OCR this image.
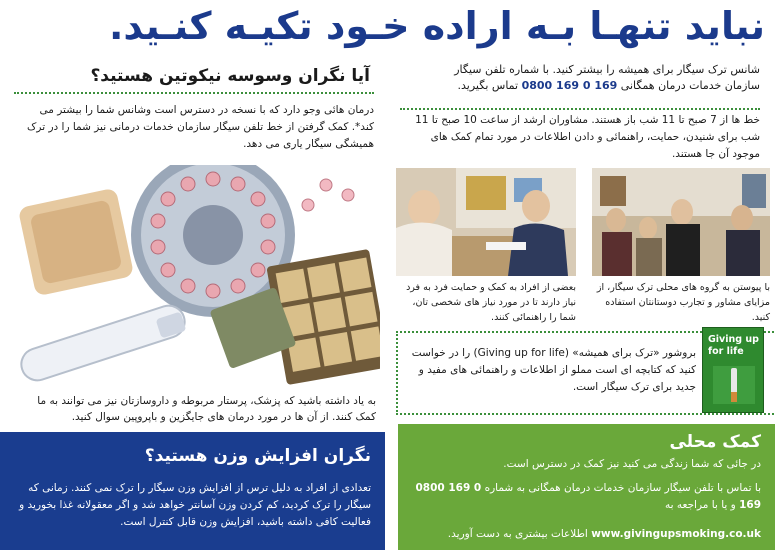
نبايد تنهـا بـه اراده خـود تکيـه کنـيد.
آيا نگران وسوسه نيکوتين هستيد؟
درمان هائی وجو دارد که با نسخه در دسترس است وشانس شما را بيشتر می کند*. کمک گرفتن از خط تلفن سيگار سازمان خدمات درمانی نيز شما را در ترک هميشگی سيگار ياری می دهد.
به ياد داشته باشيد که پزشک، پرستار مربوطه و داروسازتان نيز می توانند به ما کمک کنند. از آن ها در مورد درمان های جايگزين و باپروپين سوال کنيد.
نگران افزايش وزن هستيد؟
تعدادی از افراد به دليل ترس از افزايش وزن سيگار را ترک نمی کنند. زمانی که سيگار را ترک کرديد، کم کردن وزن آسانتر خواهد شد و اگر معقولانه غذا بخوريد و فعاليت کافی داشته باشيد، افزايش وزن قابل کنترل است.
شانس ترک سيگار برای هميشه را بيشتر کنيد. با شماره تلفن سيگار
سازمان خدمات درمان همگانی 0800 169 0 169 تماس بگيريد.
خط ها از 7 صبح تا 11 شب باز هستند. مشاوران ارشد از ساعت 10 صبح تا 11 شب برای شنيدن، حمايت، راهنمائی و دادن اطلاعات در مورد تمام کمک های موجود آن جا هستند.
بعضی از افراد به کمک و حمايت فرد به فرد نياز دارند تا در مورد نياز های شخصی تان، شما را راهنمائی کنند.
با پيوستن به گروه های محلی ترک سيگار، از مزايای مشاور و تجارب دوستانتان استفاده کنيد.
بروشور «ترک برای هميشه» (Giving up for life) را در خواست کنيد که کتابچه ای است مملو از اطلاعات و راهنمائی های مفيد و جديد برای ترک سيگار است.
Giving up
for life
کمک محلی
در جائی که شما زندگی می کنيد نيز کمک در دسترس است.
با تماس با تلفن سيگار سازمان خدمات درمان همگانی به شماره 0800 169 0 169 و يا با مراجعه به
www.givingupsmoking.co.uk اطلاعات بيشتری به دست آوريد.
